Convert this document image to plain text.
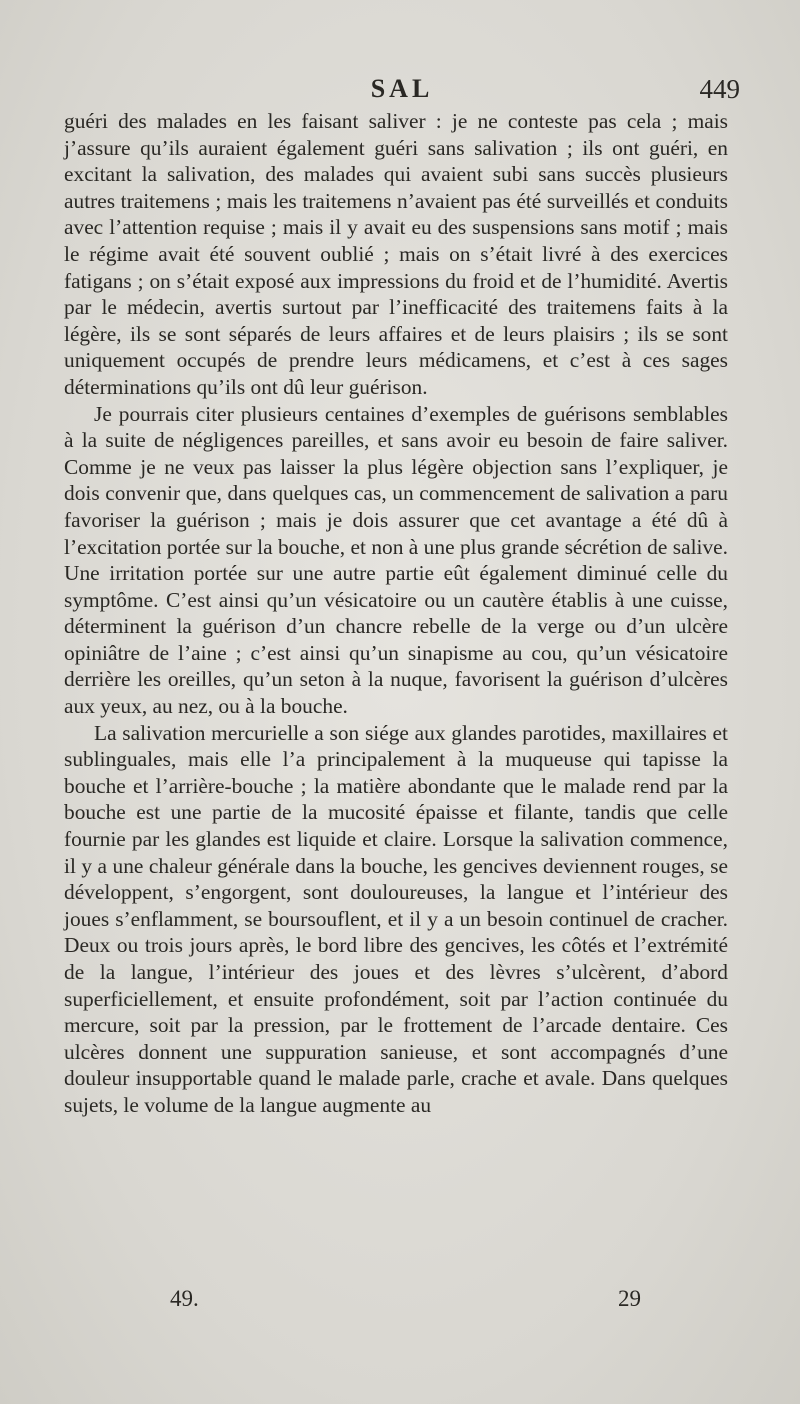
SAL	449

guéri des malades en les faisant saliver : je ne conteste pas cela ; mais j’assure qu’ils auraient également guéri sans salivation ; ils ont guéri, en excitant la salivation, des malades qui avaient subi sans succès plusieurs autres traitemens ; mais les traitemens n’avaient pas été surveillés et conduits avec l’attention requise ; mais il y avait eu des suspensions sans motif ; mais le régime avait été souvent oublié ; mais on s’était livré à des exercices fatigans ; on s’était exposé aux impressions du froid et de l’humidité. Avertis par le médecin, avertis surtout par l’inefficacité des traitemens faits à la légère, ils se sont séparés de leurs affaires et de leurs plaisirs ; ils se sont uniquement occupés de prendre leurs médicamens, et c’est à ces sages déterminations qu’ils ont dû leur guérison.

Je pourrais citer plusieurs centaines d’exemples de guérisons semblables à la suite de négligences pareilles, et sans avoir eu besoin de faire saliver. Comme je ne veux pas laisser la plus légère objection sans l’expliquer, je dois convenir que, dans quelques cas, un commencement de salivation a paru favoriser la guérison ; mais je dois assurer que cet avantage a été dû à l’excitation portée sur la bouche, et non à une plus grande sécrétion de salive. Une irritation portée sur une autre partie eût également diminué celle du symptôme. C’est ainsi qu’un vésicatoire ou un cautère établis à une cuisse, déterminent la guérison d’un chancre rebelle de la verge ou d’un ulcère opiniâtre de l’aine ; c’est ainsi qu’un sinapisme au cou, qu’un vésicatoire derrière les oreilles, qu’un seton à la nuque, favorisent la guérison d’ulcères aux yeux, au nez, ou à la bouche.

La salivation mercurielle a son siége aux glandes parotides, maxillaires et sublinguales, mais elle l’a principalement à la muqueuse qui tapisse la bouche et l’arrière-bouche ; la matière abondante que le malade rend par la bouche est une partie de la mucosité épaisse et filante, tandis que celle fournie par les glandes est liquide et claire. Lorsque la salivation commence, il y a une chaleur générale dans la bouche, les gencives deviennent rouges, se développent, s’engorgent, sont douloureuses, la langue et l’intérieur des joues s’enflamment, se boursouflent, et il y a un besoin continuel de cracher. Deux ou trois jours après, le bord libre des gencives, les côtés et l’extrémité de la langue, l’intérieur des joues et des lèvres s’ulcèrent, d’abord superficiellement, et ensuite profondément, soit par l’action continuée du mercure, soit par la pression, par le frottement de l’arcade dentaire. Ces ulcères donnent une suppuration sanieuse, et sont accompagnés d’une douleur insupportable quand le malade parle, crache et avale. Dans quelques sujets, le volume de la langue augmente au

49.	29
